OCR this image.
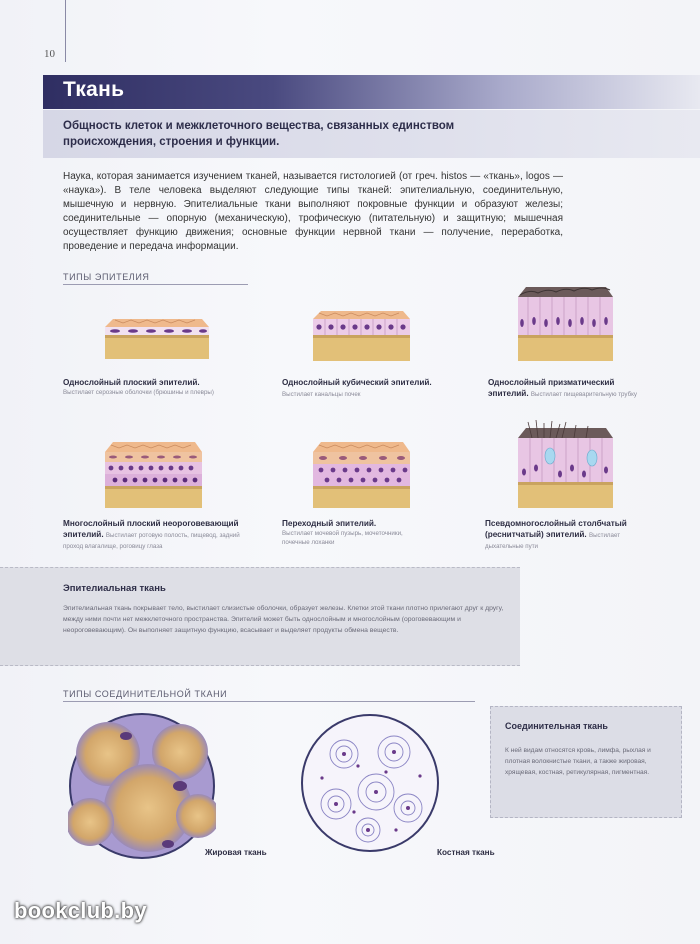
10
Ткань

Общность клеток и межклеточного вещества, связанных единством происхождения, строения и функции.

Наука, которая занимается изучением тканей, называется гистологией (от греч. histos — «ткань», logos — «наука»). В теле человека выделяют следующие типы тканей: эпителиальную, соединительную, мышечную и нервную. Эпителиальные ткани выполняют покровные функции и образуют железы; соединительные — опорную (механическую), трофическую (питательную) и защитную; мышечная осуществляет функцию движения; основные функции нервной ткани — получение, переработка, проведение и передача информации.
ТИПЫ ЭПИТЕЛИЯ
Однослойный плоский эпителий.
Выстилает серозные оболочки (брюшины и плевры)
Однослойный кубический эпителий. Выстилает канальцы почек
Однослойный призматический эпителий. Выстилает пищеварительную трубку
Многослойный плоский неороговевающий эпителий. Выстилает ротовую полость, пищевод, задний проход влагалище, роговицу глаза
Переходный эпителий.
Выстилает мочевой пузырь, мочеточники, почечные лоханки
Псевдомногослойный столбчатый (реснитчатый) эпителий. Выстилает дыхательные пути
Эпителиальная ткань
Эпителиальная ткань покрывает тело, выстилает слизистые оболочки, образует железы. Клетки этой ткани плотно прилегают друг к другу, между ними почти нет межклеточного пространства. Эпителий может быть однослойным и многослойным (ороговевающим и неороговевающим). Он выполняет защитную функцию, всасывает и выделяет продукты обмена веществ.
ТИПЫ СОЕДИНИТЕЛЬНОЙ ТКАНИ
Жировая ткань	Костная ткань
Соединительная ткань
К ней видам относятся кровь, лимфа, рыхлая и плотная волокнистые ткани, а также жировая, хрящевая, костная, ретикулярная, пигментная.
bookclub.by
